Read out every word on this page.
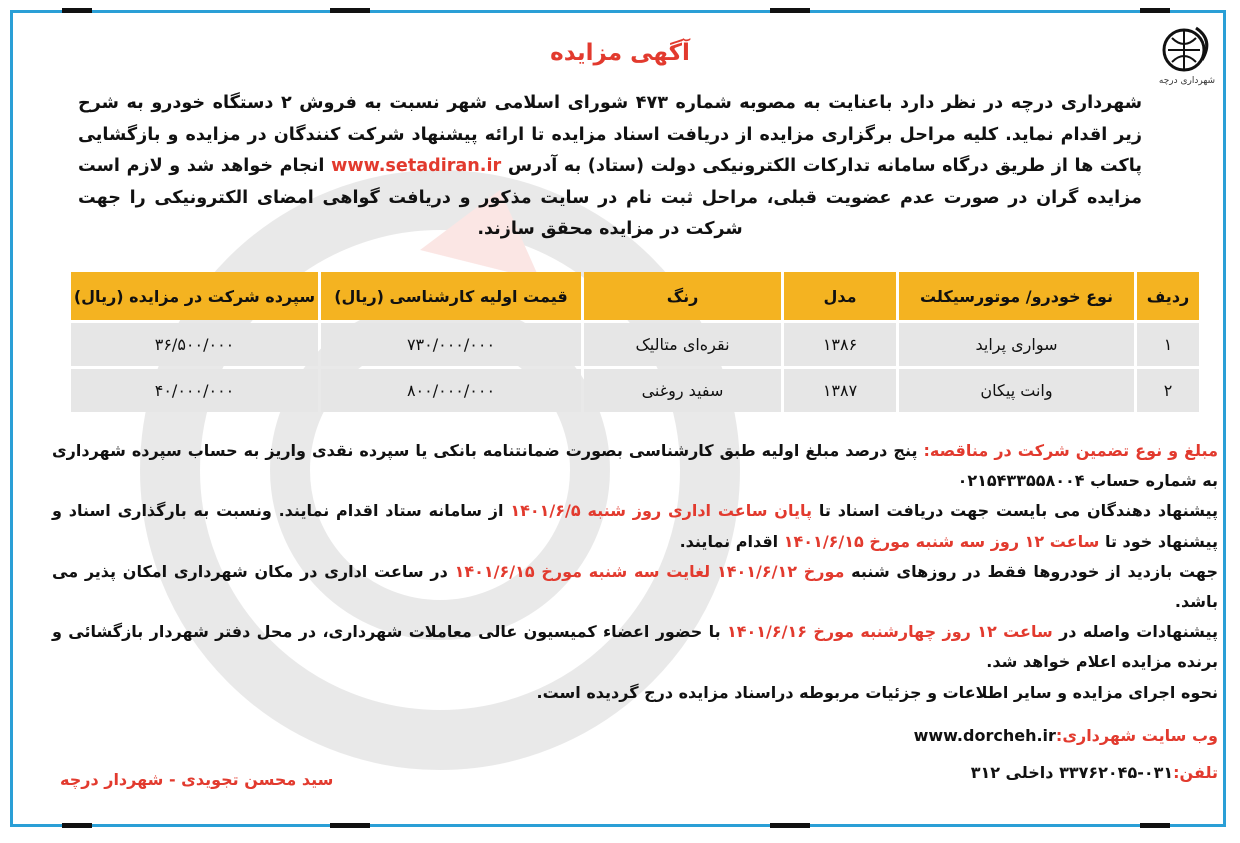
شهرداری درچه
آگهی مزایده
شهرداری درچه در نظر دارد باعنایت به مصوبه شماره ۴۷۳ شورای اسلامی شهر نسبت به فروش ۲ دستگاه خودرو به شرح زیر اقدام نماید. کلیه مراحل برگزاری مزایده از دریافت اسناد مزایده تا ارائه پیشنهاد شرکت کنندگان در مزایده و بازگشایی پاکت ها از طریق درگاه سامانه تدارکات الکترونیکی دولت (ستاد) به آدرس www.setadiran.ir انجام خواهد شد و لازم است مزایده گران در صورت عدم عضویت قبلی، مراحل ثبت نام در سایت مذکور و دریافت گواهی امضای الکترونیکی را جهت شرکت در مزایده محقق سازند.
ردیف	نوع خودرو/ موتورسیکلت	مدل	رنگ	قیمت اولیه کارشناسی (ریال)	سپرده شرکت در مزایده (ریال)
۱	سواری پراید	۱۳۸۶	نقره‌ای متالیک	۷۳۰/۰۰۰/۰۰۰	۳۶/۵۰۰/۰۰۰
۲	وانت پیکان	۱۳۸۷	سفید روغنی	۸۰۰/۰۰۰/۰۰۰	۴۰/۰۰۰/۰۰۰

مبلغ و نوع تضمین شرکت در مناقصه: پنج درصد مبلغ اولیه طبق کارشناسی بصورت ضمانتنامه بانکی یا سپرده نقدی واریز به حساب سپرده شهرداری به شماره حساب ۰۲۱۵۴۳۳۵۵۸۰۰۴

پیشنهاد دهندگان می بایست جهت دریافت اسناد تا پایان ساعت اداری روز شنبه ۱۴۰۱/۶/۵ از سامانه ستاد اقدام نمایند. ونسبت به بارگذاری اسناد و پیشنهاد خود تا ساعت ۱۲ روز سه شنبه مورخ ۱۴۰۱/۶/۱۵ اقدام نمایند.

جهت بازدید از خودروها فقط در روزهای شنبه مورخ ۱۴۰۱/۶/۱۲ لغایت سه شنبه مورخ ۱۴۰۱/۶/۱۵ در ساعت اداری در مکان شهرداری امکان پذیر می باشد.

پیشنهادات واصله در ساعت ۱۲ روز چهارشنبه مورخ ۱۴۰۱/۶/۱۶ با حضور اعضاء کمیسیون عالی معاملات شهرداری، در محل دفتر شهردار بازگشائی و برنده مزایده اعلام خواهد شد.

نحوه اجرای مزایده و سایر اطلاعات و جزئیات مربوطه دراسناد مزایده درج گردیده است.

وب سایت شهرداری:www.dorcheh.ir
تلفن:۰۳۱-۳۳۷۶۲۰۴۵ داخلی ۳۱۲
سید محسن تجویدی - شهردار درچه
